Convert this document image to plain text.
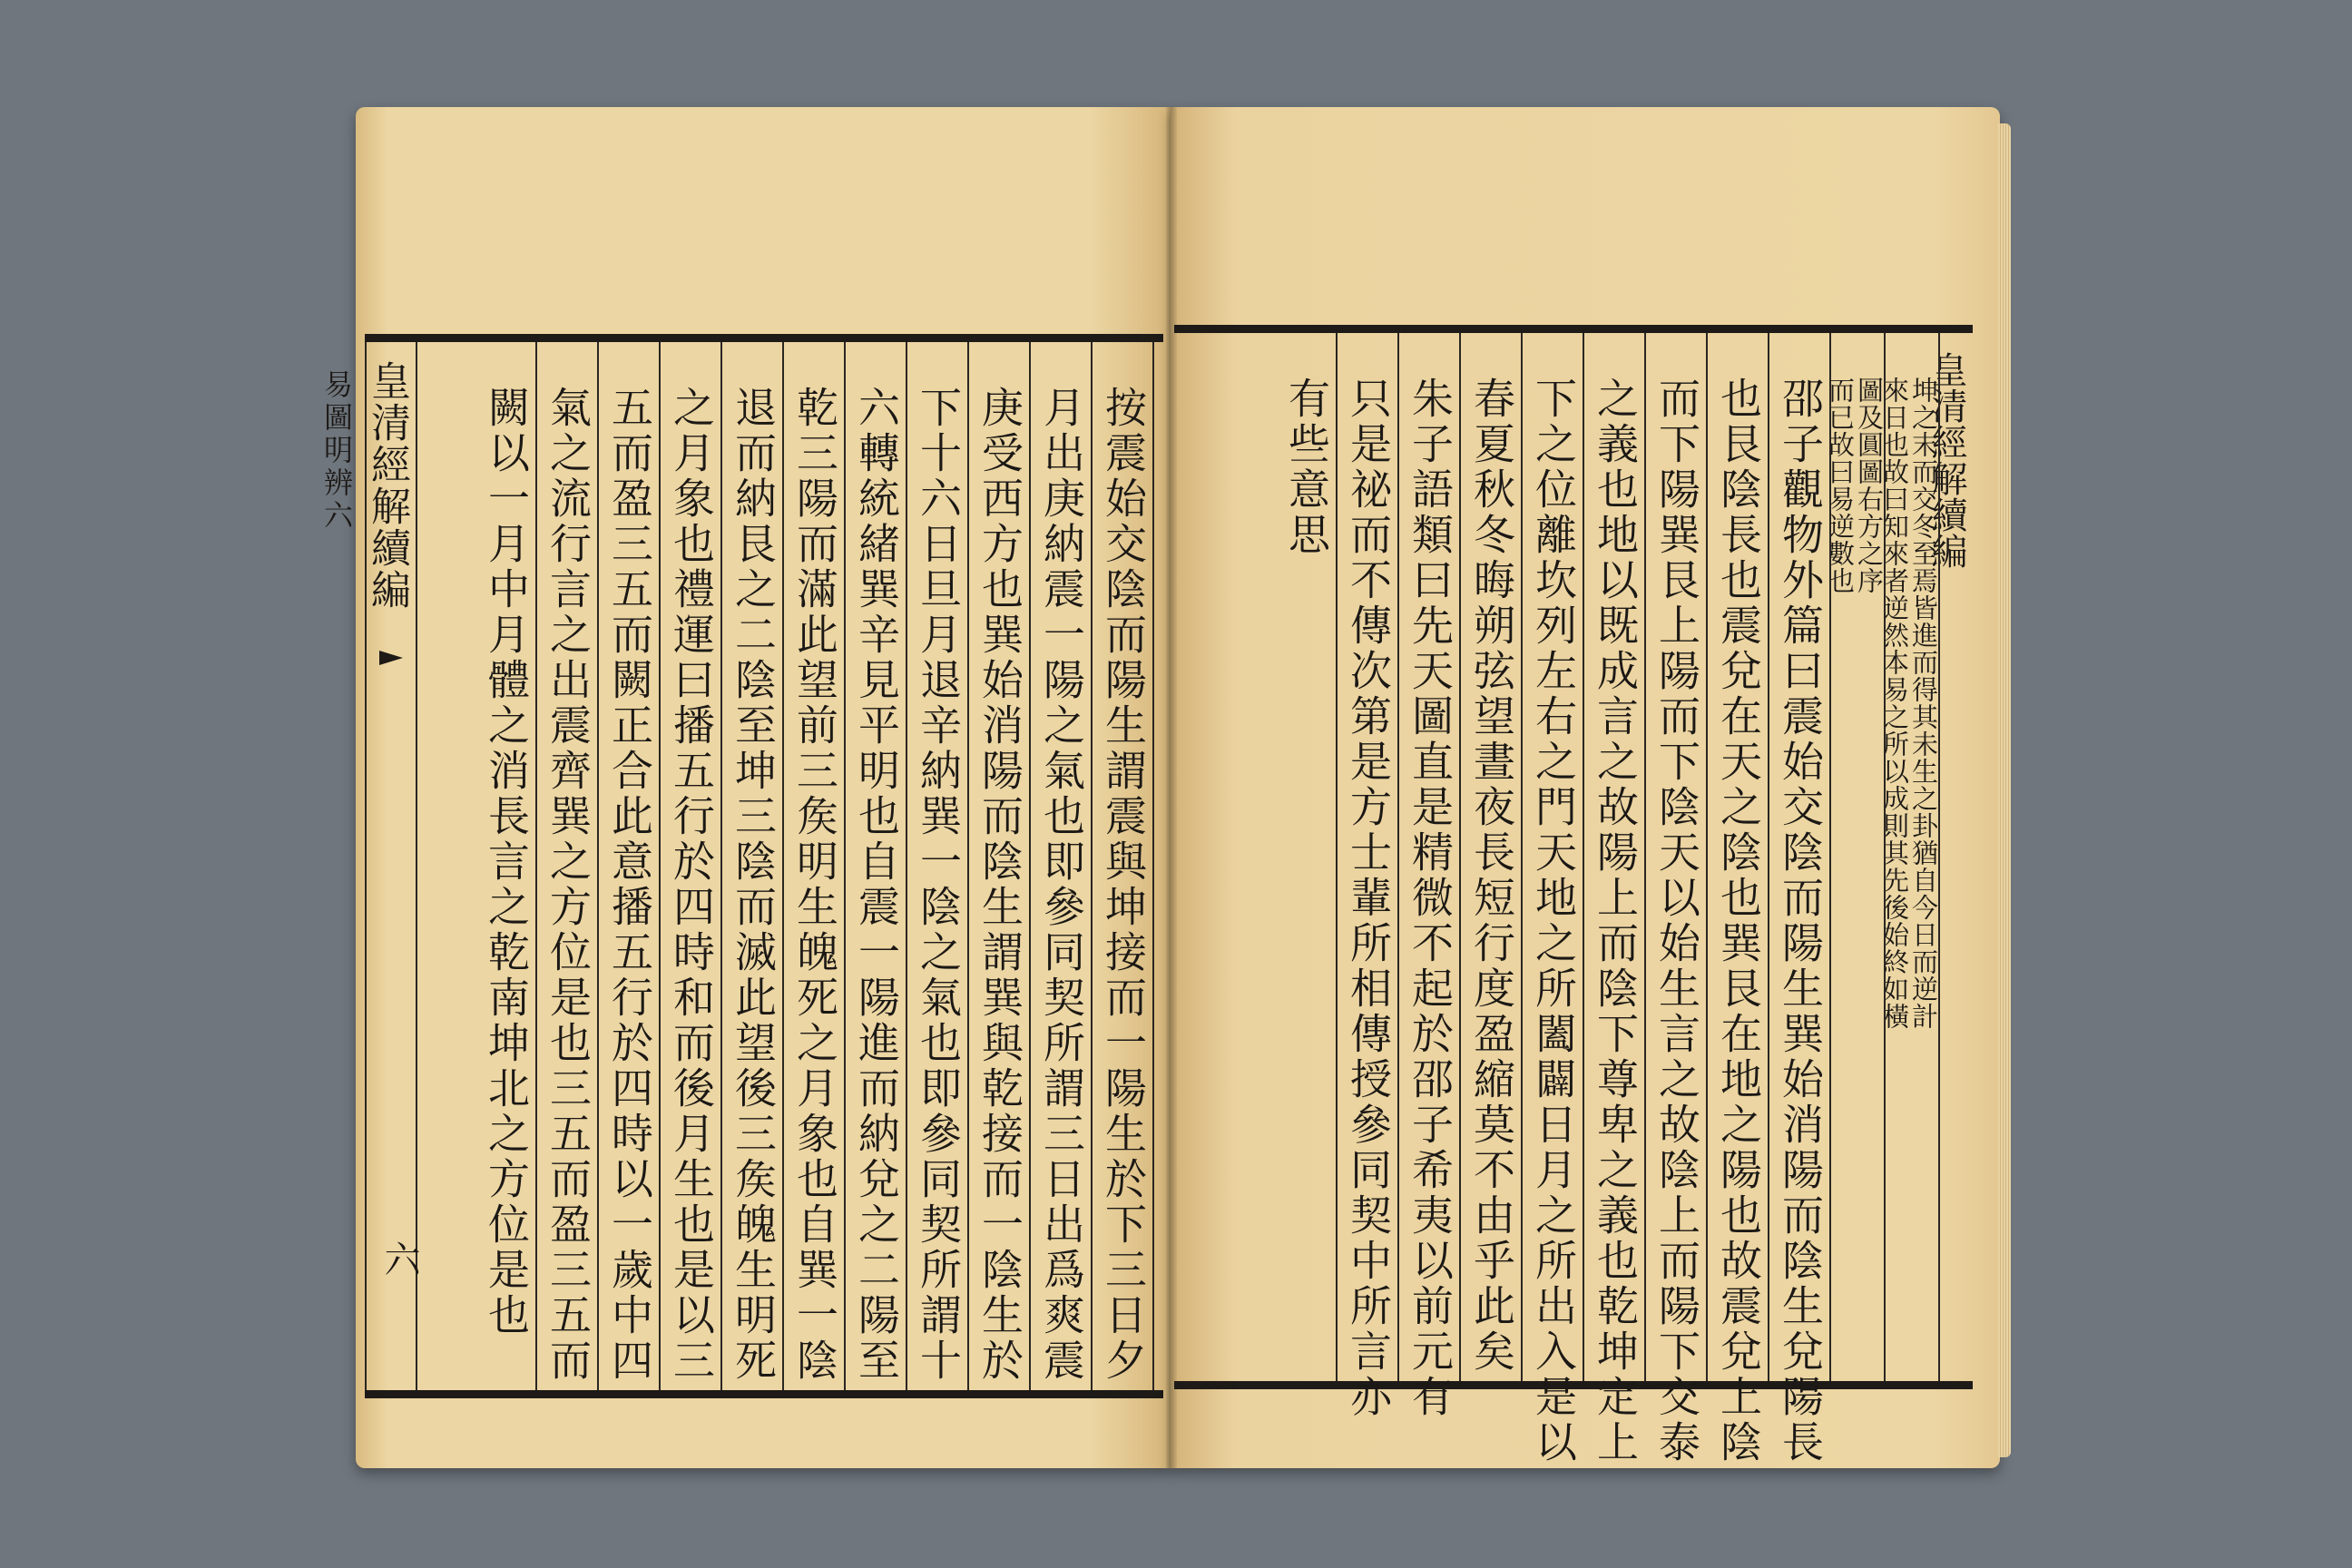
皇清經解續編
易圖明辨六
六	按震始交陰而陽生謂震與坤接而一陽生於下三日夕
月出庚納震一陽之氣也即參同契所謂三日出爲爽震
庚受西方也巽始消陽而陰生謂巽與乾接而一陰生於
下十六日旦月退辛納巽一陰之氣也即參同契所謂十
六轉統緒巽辛見平明也自震一陽進而納兌之二陽至
乾三陽而滿此望前三矦明生魄死之月象也自巽一陰
退而納艮之二陰至坤三陰而滅此望後三矦魄生明死
之月象也禮運曰播五行於四時和而後月生也是以三
五而盈三五而闕正合此意播五行於四時以一歲中四
氣之流行言之出震齊巽之方位是也三五而盈三五而
闕以一月中月體之消長言之乾南坤北之方位是也	皇清經解續編
坤之末而交冬至焉皆進而得其未生之卦猶自今日而逆計
來日也故曰知來者逆然本易之所以成則其先後始終如橫
圖及圓圖右方之序
而已故曰易逆數也
邵子觀物外篇曰震始交陰而陽生巽始消陽而陰生兌陽長
也艮陰長也震兌在天之陰也巽艮在地之陽也故震兌上陰
而下陽巽艮上陽而下陰天以始生言之故陰上而陽下交泰
之義也地以既成言之故陽上而陰下尊卑之義也乾坤定上
下之位離坎列左右之門天地之所闔闢日月之所出入是以
春夏秋冬晦朔弦望晝夜長短行度盈縮莫不由乎此矣
朱子語類曰先天圖直是精微不起於邵子希夷以前元有
只是祕而不傳次第是方士輩所相傳授參同契中所言亦
有些意思
